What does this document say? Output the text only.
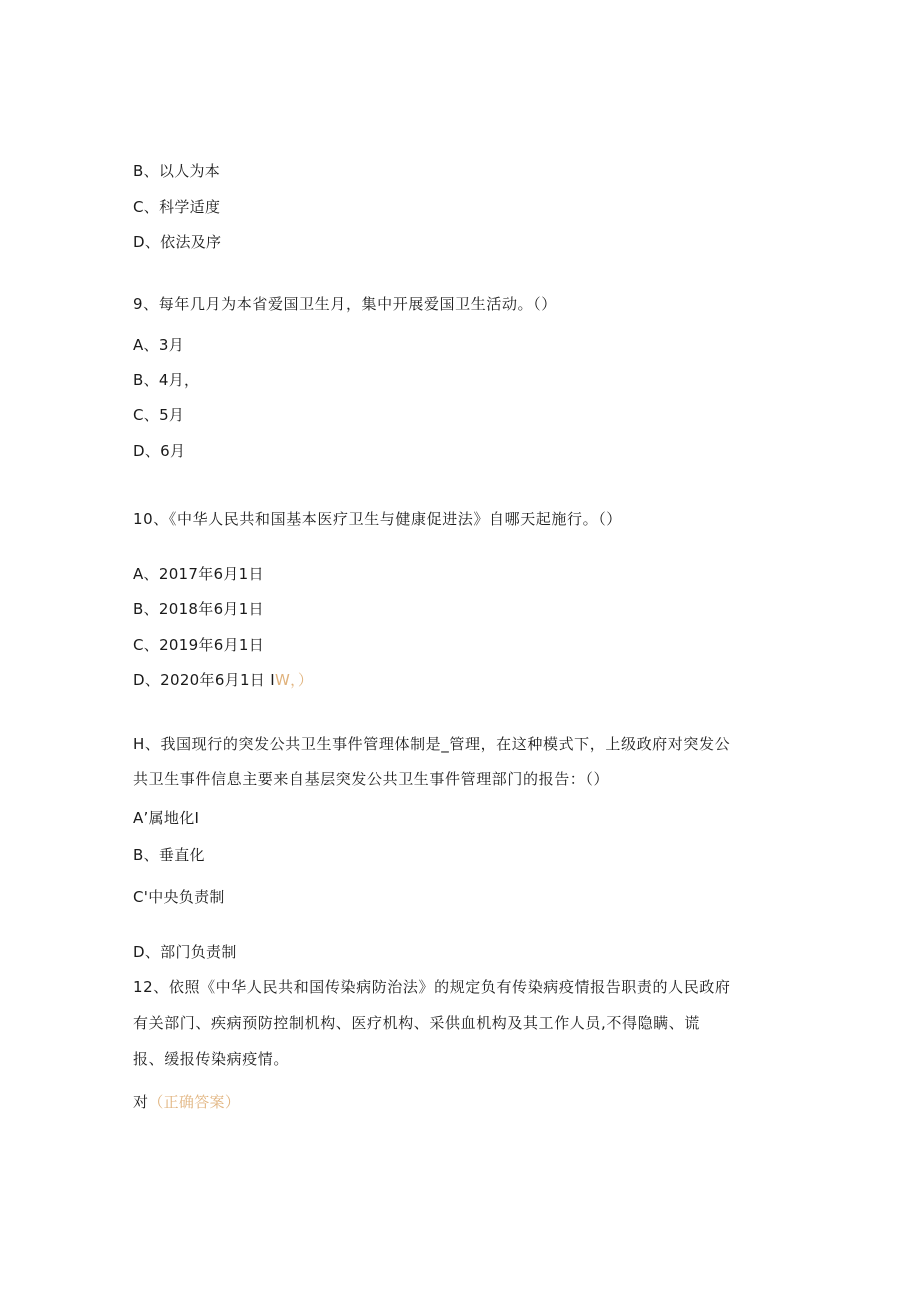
B、以人为本
C、科学适度
D、依法及序
9、每年几月为本省爱国卫生月，集中开展爱国卫生活动。（）
A、3月
B、4月，
C、5月
D、6月
10、《中华人民共和国基本医疗卫生与健康促进法》自哪天起施行。（）
A、2017年6月1日
B、2018年6月1日
C、2019年6月1日
D、2020年6月1日 IW，）
H、我国现行的突发公共卫生事件管理体制是_管理，在这种模式下，上级政府对突发公
共卫生事件信息主要来自基层突发公共卫生事件管理部门的报告：（）
A’属地化I
B、垂直化
C'中央负责制
D、部门负责制
12、依照《中华人民共和国传染病防治法》的规定负有传染病疫情报告职责的人民政府
有关部门、疾病预防控制机构、医疗机构、采供血机构及其工作人员,不得隐瞒、谎
报、缓报传染病疫情。
对（正确答案）
